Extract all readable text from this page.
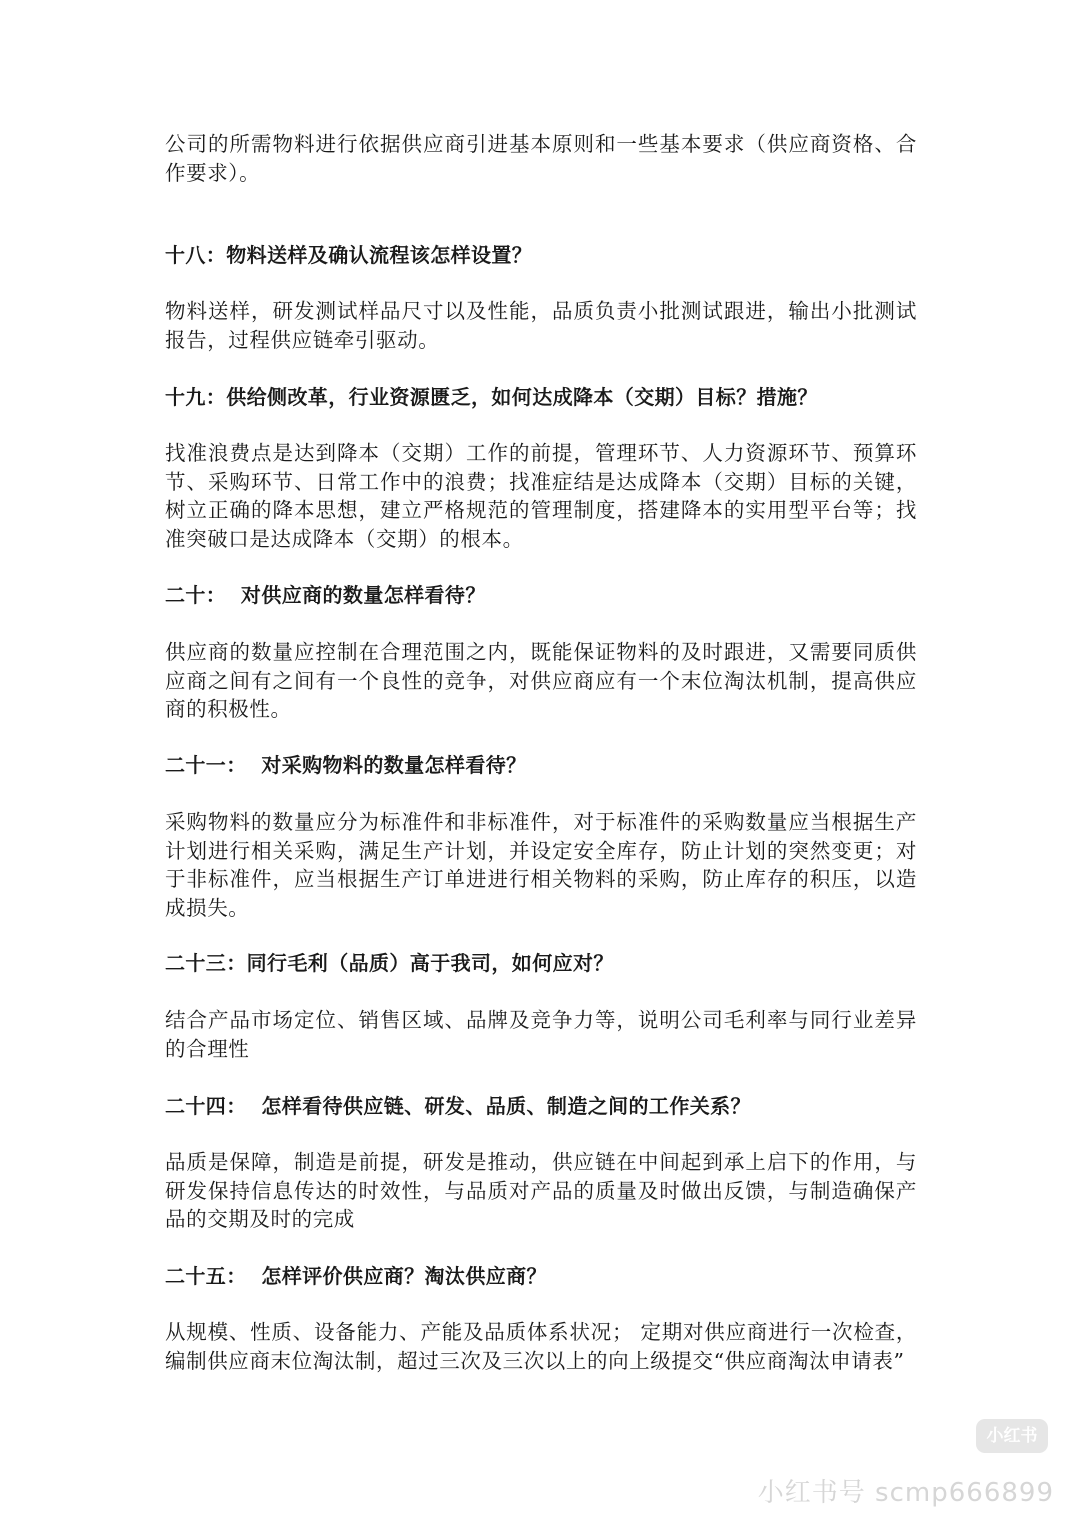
公司的所需物料进行依据供应商引进基本原则和一些基本要求（供应商资格、合作要求）。

十八：物料送样及确认流程该怎样设置？

物料送样，研发测试样品尺寸以及性能，品质负责小批测试跟进，输出小批测试报告，过程供应链牵引驱动。

十九：供给侧改革，行业资源匮乏，如何达成降本（交期）目标？措施？

找准浪费点是达到降本（交期）工作的前提，管理环节、人力资源环节、预算环节、采购环节、日常工作中的浪费；找准症结是达成降本（交期）目标的关键，树立正确的降本思想，建立严格规范的管理制度，搭建降本的实用型平台等；找准突破口是达成降本（交期）的根本。

二十：  对供应商的数量怎样看待？

供应商的数量应控制在合理范围之内，既能保证物料的及时跟进，又需要同质供应商之间有之间有一个良性的竞争，对供应商应有一个末位淘汰机制，提高供应商的积极性。

二十一：  对采购物料的数量怎样看待？

采购物料的数量应分为标准件和非标准件，对于标准件的采购数量应当根据生产计划进行相关采购，满足生产计划，并设定安全库存，防止计划的突然变更；对于非标准件，应当根据生产订单进进行相关物料的采购，防止库存的积压，以造成损失。

二十三：同行毛利（品质）高于我司，如何应对？

结合产品市场定位、销售区域、品牌及竞争力等，说明公司毛利率与同行业差异的合理性

二十四：  怎样看待供应链、研发、品质、制造之间的工作关系？

品质是保障，制造是前提，研发是推动，供应链在中间起到承上启下的作用，与研发保持信息传达的时效性，与品质对产品的质量及时做出反馈，与制造确保产品的交期及时的完成

二十五：  怎样评价供应商？淘汰供应商？

从规模、性质、设备能力、产能及品质体系状况； 定期对供应商进行一次检查，编制供应商末位淘汰制，超过三次及三次以上的向上级提交“供应商淘汰申请表”

小红书
小红书号 scmp666899
